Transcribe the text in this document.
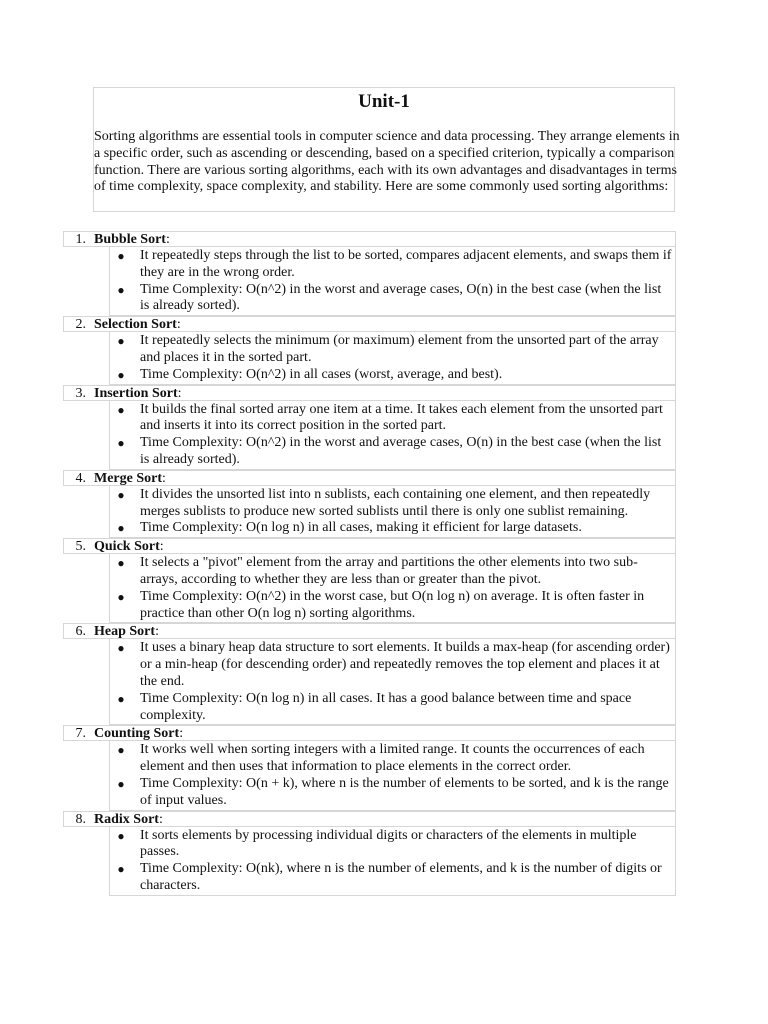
Unit-1

Sorting algorithms are essential tools in computer science and data processing. They arrange elements in a specific order, such as ascending or descending, based on a specified criterion, typically a comparison function. There are various sorting algorithms, each with its own advantages and disadvantages in terms of time complexity, space complexity, and stability. Here are some commonly used sorting algorithms:

1. Bubble Sort:
● It repeatedly steps through the list to be sorted, compares adjacent elements, and swaps them if they are in the wrong order.
● Time Complexity: O(n^2) in the worst and average cases, O(n) in the best case (when the list is already sorted).
2. Selection Sort:
● It repeatedly selects the minimum (or maximum) element from the unsorted part of the array and places it in the sorted part.
● Time Complexity: O(n^2) in all cases (worst, average, and best).
3. Insertion Sort:
● It builds the final sorted array one item at a time. It takes each element from the unsorted part and inserts it into its correct position in the sorted part.
● Time Complexity: O(n^2) in the worst and average cases, O(n) in the best case (when the list is already sorted).
4. Merge Sort:
● It divides the unsorted list into n sublists, each containing one element, and then repeatedly merges sublists to produce new sorted sublists until there is only one sublist remaining.
● Time Complexity: O(n log n) in all cases, making it efficient for large datasets.
5. Quick Sort:
● It selects a "pivot" element from the array and partitions the other elements into two sub-arrays, according to whether they are less than or greater than the pivot.
● Time Complexity: O(n^2) in the worst case, but O(n log n) on average. It is often faster in practice than other O(n log n) sorting algorithms.
6. Heap Sort:
● It uses a binary heap data structure to sort elements. It builds a max-heap (for ascending order) or a min-heap (for descending order) and repeatedly removes the top element and places it at the end.
● Time Complexity: O(n log n) in all cases. It has a good balance between time and space complexity.
7. Counting Sort:
● It works well when sorting integers with a limited range. It counts the occurrences of each element and then uses that information to place elements in the correct order.
● Time Complexity: O(n + k), where n is the number of elements to be sorted, and k is the range of input values.
8. Radix Sort:
● It sorts elements by processing individual digits or characters of the elements in multiple passes.
● Time Complexity: O(nk), where n is the number of elements, and k is the number of digits or characters.
